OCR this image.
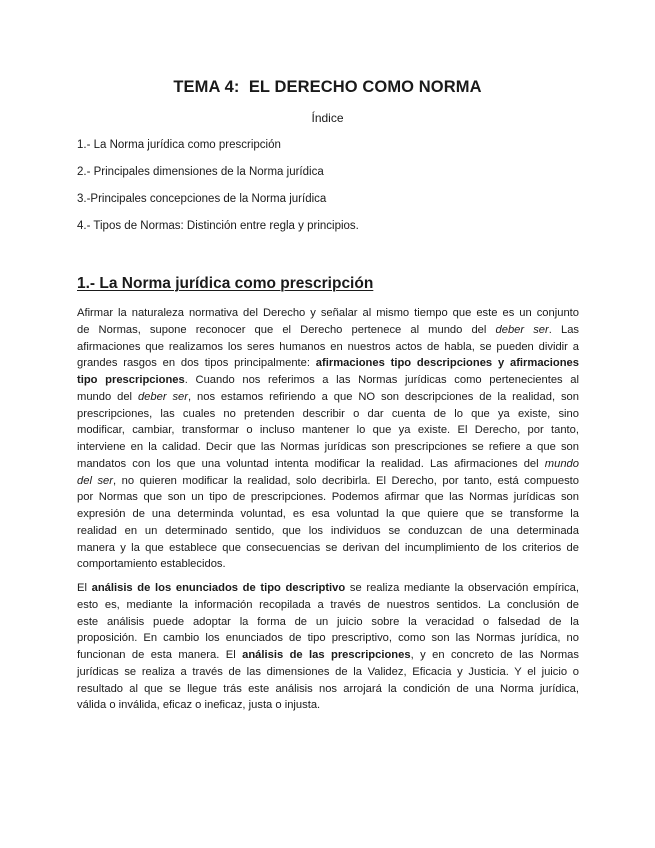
TEMA 4:  EL DERECHO COMO NORMA

Índice

1.- La Norma jurídica como prescripción

2.- Principales dimensiones de la Norma jurídica

3.-Principales concepciones de la Norma jurídica

4.- Tipos de Normas: Distinción entre regla y principios.

1.- La Norma jurídica como prescripción
Afirmar la naturaleza normativa del Derecho y señalar al mismo tiempo que este es un conjunto
de Normas, supone reconocer que el Derecho pertenece al mundo del deber ser. Las
afirmaciones que realizamos los seres humanos en nuestros actos de habla, se pueden dividir a
grandes rasgos en dos tipos principalmente: afirmaciones tipo descripciones y afirmaciones
tipo prescripciones. Cuando nos referimos a las Normas jurídicas como pertenecientes al
mundo del deber ser, nos estamos refiriendo a que NO son descripciones de la realidad, son
prescripciones, las cuales no pretenden describir o dar cuenta de lo que ya existe, sino
modificar, cambiar, transformar o incluso mantener lo que ya existe. El Derecho, por tanto,
interviene en la calidad. Decir que las Normas jurídicas son prescripciones se refiere a que son
mandatos con los que una voluntad intenta modificar la realidad. Las afirmaciones del mundo
del ser, no quieren modificar la realidad, solo decribirla. El Derecho, por tanto, está compuesto
por Normas que son un tipo de prescripciones. Podemos afirmar que las Normas jurídicas son
expresión de una determinda voluntad, es esa voluntad la que quiere que se transforme la
realidad en un determinado sentido, que los individuos se conduzcan de una determinada
manera y la que establece que consecuencias se derivan del incumplimiento de los criterios de
comportamiento establecidos.
El análisis de los enunciados de tipo descriptivo se realiza mediante la observación empírica,
esto es, mediante la información recopilada a través de nuestros sentidos. La conclusión de
este análisis puede adoptar la forma de un juicio sobre la veracidad o falsedad de la
proposición. En cambio los enunciados de tipo prescriptivo, como son las Normas jurídica, no
funcionan de esta manera. El análisis de las prescripciones, y en concreto de las Normas
jurídicas se realiza a través de las dimensiones de la Validez, Eficacia y Justicia. Y el juicio o
resultado al que se llegue trás este análisis nos arrojará la condición de una Norma jurídica,
válida o inválida, eficaz o ineficaz, justa o injusta.
